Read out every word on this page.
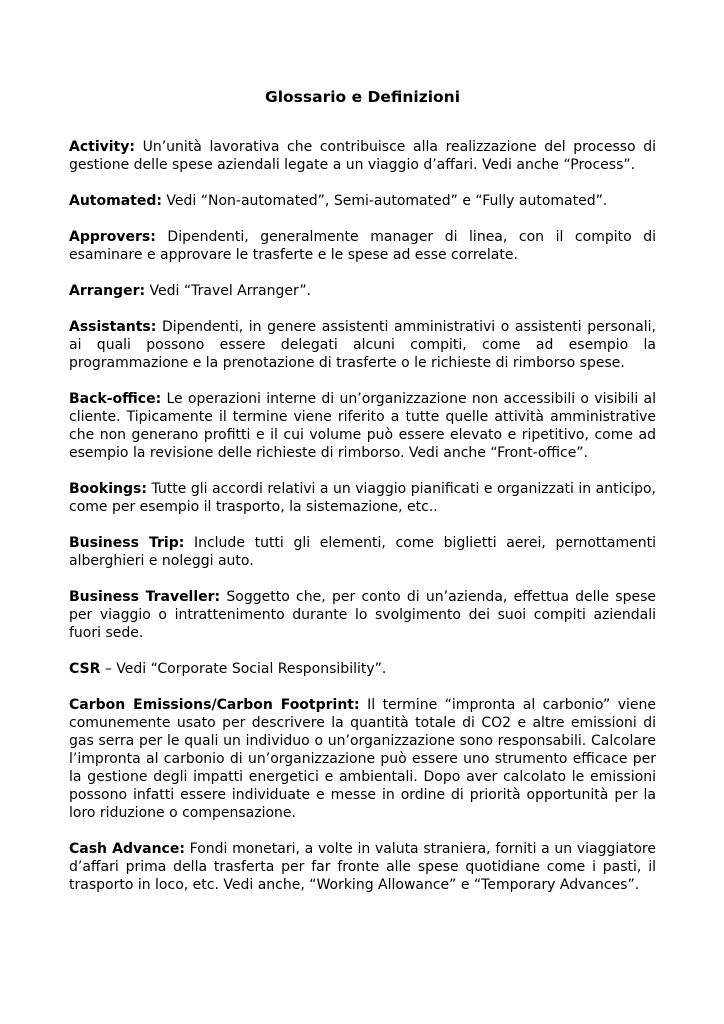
Glossario e Definizioni

Activity: Un’unità lavorativa che contribuisce alla realizzazione del processo di gestione delle spese aziendali legate a un viaggio d’affari. Vedi anche “Process”.

Automated: Vedi “Non-automated”, Semi-automated” e “Fully automated”.

Approvers: Dipendenti, generalmente manager di linea, con il compito di esaminare e approvare le trasferte e le spese ad esse correlate.

Arranger: Vedi “Travel Arranger”.

Assistants: Dipendenti, in genere assistenti amministrativi o assistenti personali, ai quali possono essere delegati alcuni compiti, come ad esempio la programmazione e la prenotazione di trasferte o le richieste di rimborso spese.

Back-office: Le operazioni interne di un’organizzazione non accessibili o visibili al cliente. Tipicamente il termine viene riferito a tutte quelle attività amministrative che non generano profitti e il cui volume può essere elevato e ripetitivo, come ad esempio la revisione delle richieste di rimborso. Vedi anche “Front-office”.

Bookings: Tutte gli accordi relativi a un viaggio pianificati e organizzati in anticipo, come per esempio il trasporto, la sistemazione, etc..

Business Trip: Include tutti gli elementi, come biglietti aerei, pernottamenti alberghieri e noleggi auto.

Business Traveller: Soggetto che, per conto di un’azienda, effettua delle spese per viaggio o intrattenimento durante lo svolgimento dei suoi compiti aziendali fuori sede.

CSR – Vedi “Corporate Social Responsibility”.

Carbon Emissions/Carbon Footprint: Il termine “impronta al carbonio” viene comunemente usato per descrivere la quantità totale di CO2 e altre emissioni di gas serra per le quali un individuo o un’organizzazione sono responsabili. Calcolare l’impronta al carbonio di un’organizzazione può essere uno strumento efficace per la gestione degli impatti energetici e ambientali. Dopo aver calcolato le emissioni possono infatti essere individuate e messe in ordine di priorità opportunità per la loro riduzione o compensazione.

Cash Advance: Fondi monetari, a volte in valuta straniera, forniti a un viaggiatore d’affari prima della trasferta per far fronte alle spese quotidiane come i pasti, il trasporto in loco, etc. Vedi anche, “Working Allowance” e “Temporary Advances”.
